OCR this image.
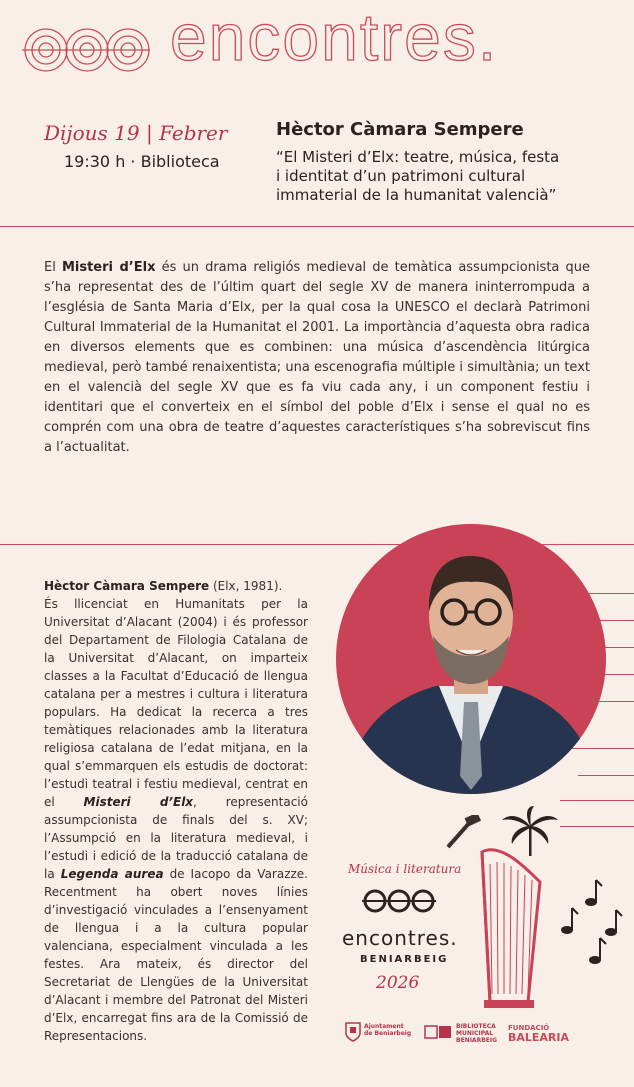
encontres.
Dijous 19 | Febrer
19:30 h · Biblioteca
Hèctor Càmara Sempere
“El Misteri d’Elx: teatre, música, festa
i identitat d’un patrimoni cultural
immaterial de la humanitat valencià”

El Misteri d’Elx és un drama religiós medieval de temàtica assumpcionista que s’ha representat des de l’últim quart del segle XV de manera ininterrompuda a l’església de Santa Maria d’Elx, per la qual cosa la UNESCO el declarà Patrimoni Cultural Immaterial de la Humanitat el 2001. La importància d’aquesta obra radica en diversos elements que es combinen: una música d’ascendència litúrgica medieval, però també renaixentista; una escenografia múltiple i simultània; un text en el valencià del segle XV que es fa viu cada any, i un component festiu i identitari que el converteix en el símbol del poble d’Elx i sense el qual no es comprén com una obra de teatre d’aquestes característiques s’ha sobreviscut fins a l’actualitat.

Hèctor Càmara Sempere (Elx, 1981).
És llicenciat en Humanitats per la Universitat d’Alacant (2004) i és professor del Departament de Filologia Catalana de la Universitat d’Alacant, on imparteix classes a la Facultat d’Educació de llengua catalana per a mestres i cultura i literatura populars. Ha dedicat la recerca a tres temàtiques relacionades amb la literatura religiosa catalana de l’edat mitjana, en la qual s’emmarquen els estudis de doctorat: l’estudi teatral i festiu medieval, centrat en el Misteri d’Elx, representació assumpcionista de finals del s. XV; l’Assumpció en la literatura medieval, i l’estudi i edició de la traducció catalana de la Legenda aurea de Iacopo da Varazze. Recentment ha obert noves línies d’investigació vinculades a l’ensenyament de llengua i a la cultura popular valenciana, especialment vinculada a les festes. Ara mateix, és director del Secretariat de Llengües de la Universitat d’Alacant i membre del Patronat del Misteri d’Elx, encarregat fins ara de la Comissió de Representacions.

Música i literatura
encontres.
BENIARBEIG
2026
Ajuntament de Beniarbeig
BIBLIOTECA MUNICIPAL BENIARBEIG
FUNDACIÓ
BALEARIA
